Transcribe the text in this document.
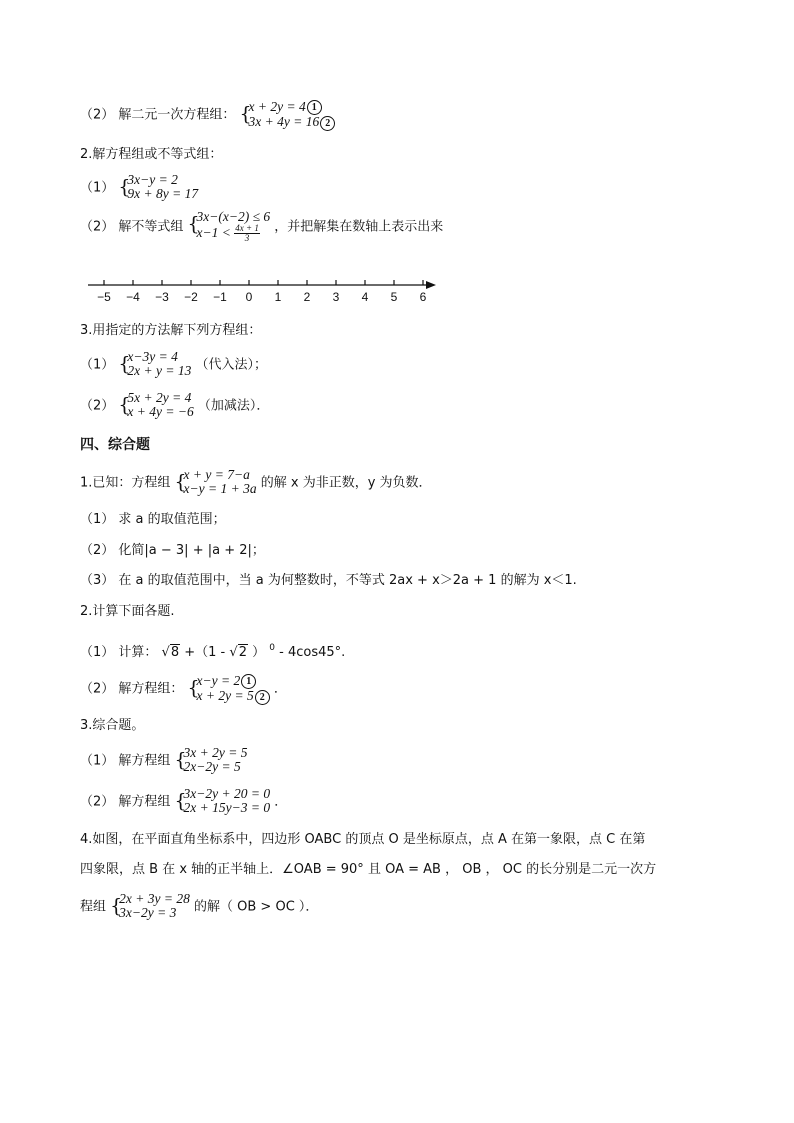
（2） 解二元一次方程组： {
x + 2y = 4 1
3x + 4y = 16 2
2.解方程组或不等式组：
（1） {
3x−y = 2
9x + 8y = 17
（2） 解不等式组 {
3x−(x−2) ≤ 6
$x-1 < \frac{4x + 1}{3}$ ，并把解集在数轴上表示出来
−5 −4 −3 −2 −1 0 1 2 3 4 5 6
3.用指定的方法解下列方程组：
（1） {
x−3y = 4
2x + y = 13 （代入法）；
（2） {
5x + 2y = 4
x + 4y = −6 （加减法）．
四、综合题
1.已知：方程组 {
x + y = 7−a
x−y = 1 + 3a 的解 x 为非正数，y 为负数．
（1） 求 a 的取值范围；
（2） 化简|a − 3| + |a + 2|；
（3） 在 a 的取值范围中，当 a 为何整数时，不等式 2ax + x＞2a + 1 的解为 x＜1.
2.计算下面各题.
（1） 计算： √8 +（1 - √2 ） $^0$ - 4cos45°.
（2） 解方程组： {
x−y = 2 1
x + 2y = 5 2
．
3.综合题。
（1） 解方程组 {
3x + 2y = 5
2x−2y = 5
（2） 解方程组 {
3x−2y + 20 = 0
2x + 15y−3 = 0 ．
4.如图，在平面直角坐标系中，四边形 OABC 的顶点 O 是坐标原点，点 A 在第一象限，点 C 在第
四象限，点 B 在 x 轴的正半轴上．∠OAB = 90° 且 OA = AB ， OB ， OC 的长分别是二元一次方
程组 {
2x + 3y = 28
3x−2y = 3	的解（ OB > OC ）．
